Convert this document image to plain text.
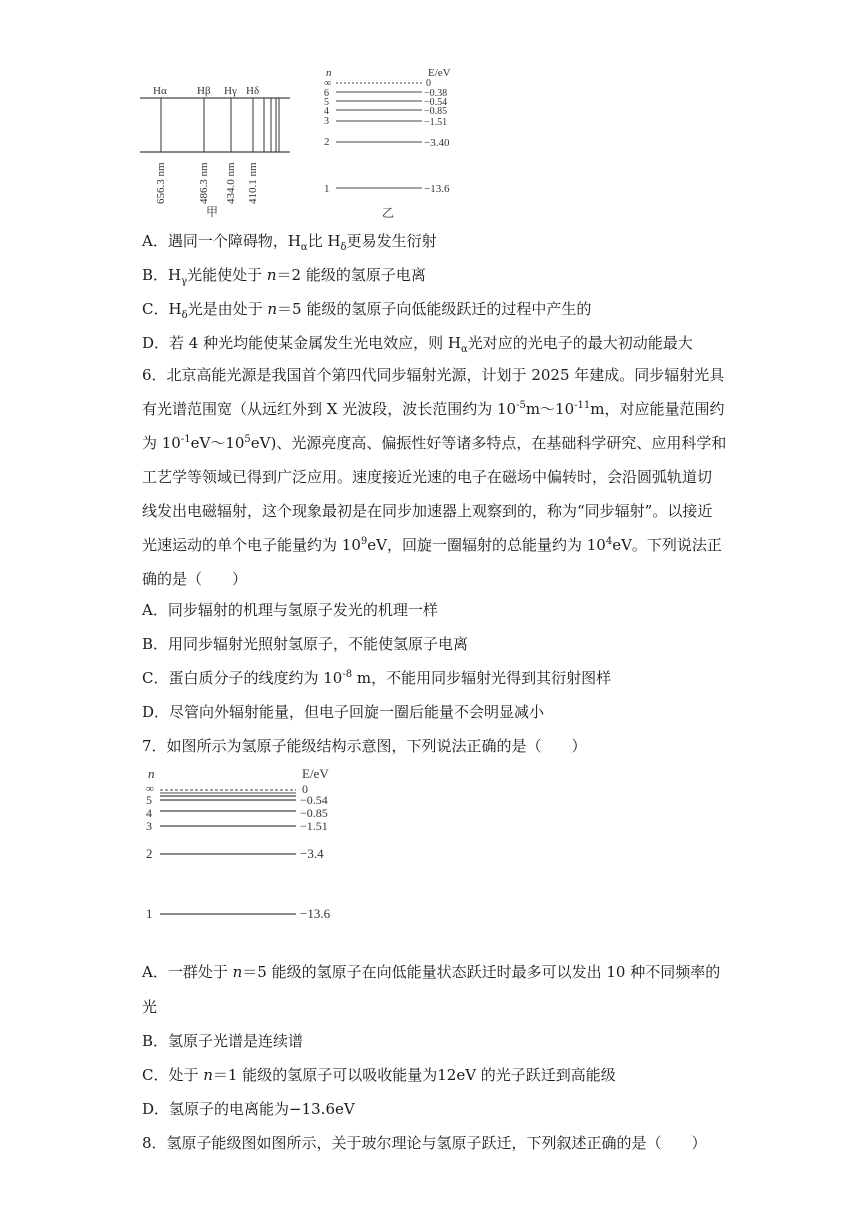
Hα	Hβ Hγ Hδ
656.3 nm	486.3 nm 434.0 nm 410.1 nm
甲
n	E/eV
∞	0
6	−0.38
5	−0.54
4	−0.85
3	−1.51
2	−3.40
1	−13.6
乙
A．遇同一个障碍物，$H_\alpha$比 $H_\delta$更易发生衍射
B．$H_\gamma$光能使处于 n＝2 能级的氢原子电离
C．$H_\delta$光是由处于 n＝5 能级的氢原子向低能级跃迁的过程中产生的
D．若 4 种光均能使某金属发生光电效应，则 $H_\alpha$光对应的光电子的最大初动能最大
6．北京高能光源是我国首个第四代同步辐射光源，计划于 2025 年建成。同步辐射光具
有光谱范围宽（从远红外到 X 光波段，波长范围约为 $10^{-5}m\sim 10^{-11}m$，对应能量范围约
为 $10^{-1}eV\sim 10^5eV$)、光源亮度高、偏振性好等诸多特点，在基础科学研究、应用科学和
工艺学等领域已得到广泛应用。速度接近光速的电子在磁场中偏转时，会沿圆弧轨道切
线发出电磁辐射，这个现象最初是在同步加速器上观察到的，称为“同步辐射”。以接近
光速运动的单个电子能量约为 $10^9eV$，回旋一圈辐射的总能量约为 $10^4eV$。下列说法正
确的是（　　）
A．同步辐射的机理与氢原子发光的机理一样
B．用同步辐射光照射氢原子，不能使氢原子电离
C．蛋白质分子的线度约为 $10^{-8}$ m，不能用同步辐射光得到其衍射图样
D．尽管向外辐射能量，但电子回旋一圈后能量不会明显减小
7．如图所示为氢原子能级结构示意图，下列说法正确的是（　　）
n	E/eV
∞	0
5	−0.54
4	−0.85
3	−1.51
2	−3.4
1	−13.6
A．一群处于 n＝5 能级的氢原子在向低能量状态跃迁时最多可以发出 10 种不同频率的
光
B．氢原子光谱是连续谱
C．处于 n＝1 能级的氢原子可以吸收能量为12eV 的光子跃迁到高能级
D．氢原子的电离能为−13.6eV
8．氢原子能级图如图所示，关于玻尔理论与氢原子跃迁，下列叙述正确的是（　　）
